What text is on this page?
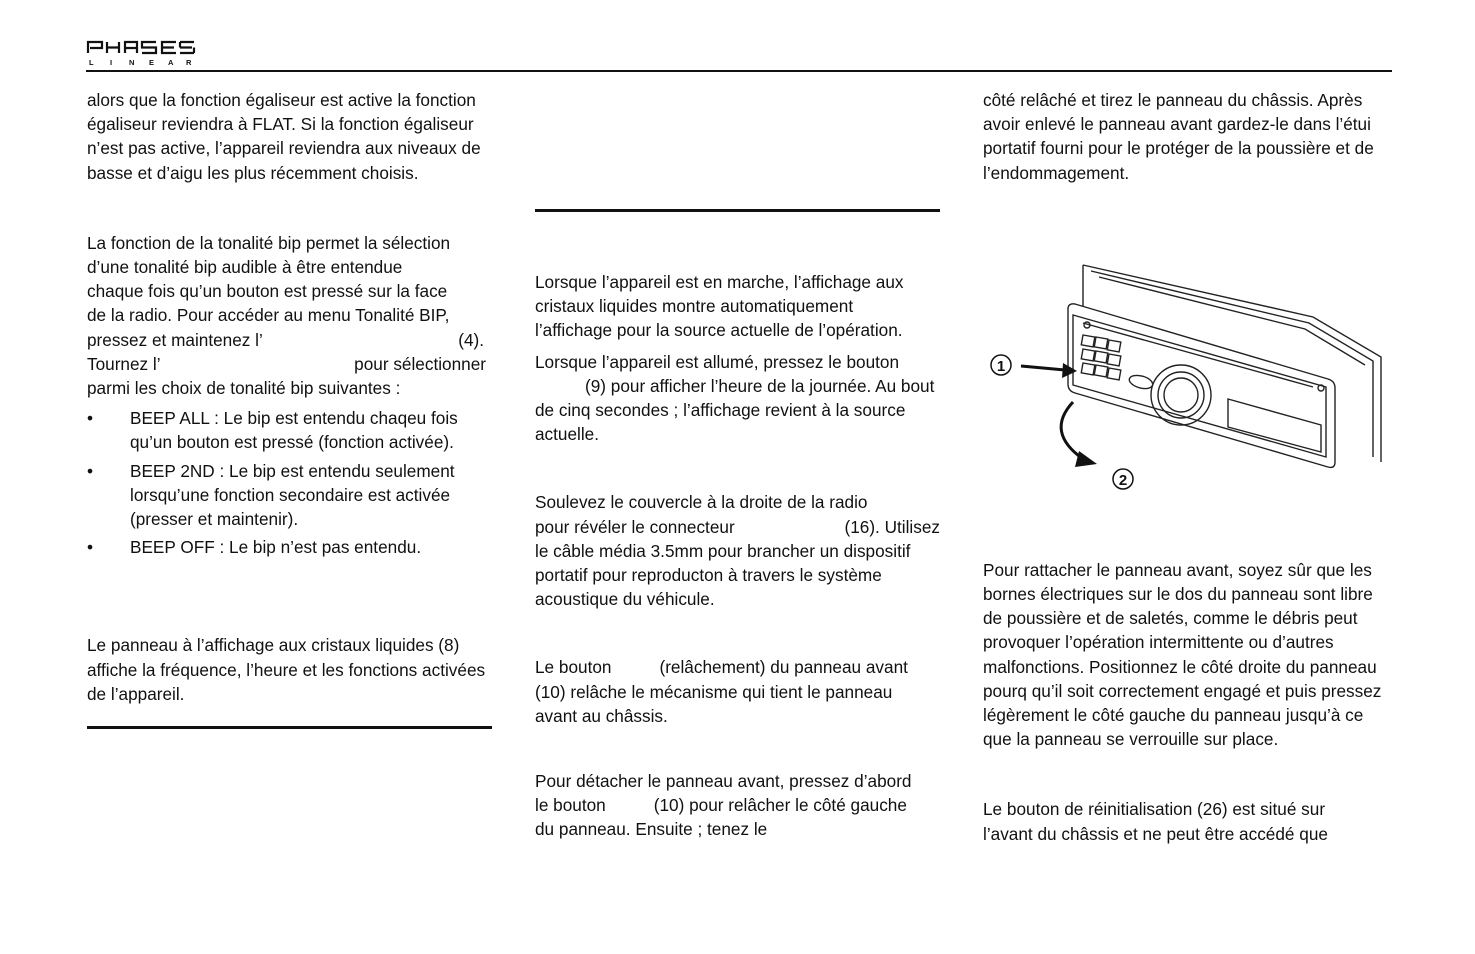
L I N E A R

alors que la fonction égaliseur est active la fonction égaliseur reviendra à FLAT. Si la fonction égaliseur n’est pas active, l’appareil reviendra aux niveaux de basse et d’aigu les plus récemment choisis.

La fonction de la tonalité bip permet la sélection
d’une tonalité bip audible à être entendue
chaque fois qu’un bouton est pressé sur la face
de la radio. Pour accéder au menu Tonalité BIP,
pressez et maintenez l’	(4).
Tournez l’	pour sélectionner
parmi les choix de tonalité bip suivantes :
• BEEP ALL : Le bip est entendu chaqeu fois qu’un bouton est pressé (fonction activée).
• BEEP 2ND : Le bip est entendu seulement lorsqu’une fonction secondaire est activée (presser et maintenir).
• BEEP OFF : Le bip n’est pas entendu.

Le panneau à l’affichage aux cristaux liquides (8) affiche la fréquence, l’heure et les fonctions activées de l’appareil.

Lorsque l’appareil est en marche, l’affichage aux cristaux liquides montre automatiquement l’affichage pour la source actuelle de l’opération.

Lorsque l’appareil est allumé, pressez le bouton
(9) pour afficher l’heure de la journée. Au bout de cinq secondes ; l’affichage revient à la source actuelle.

Soulevez le couvercle à la droite de la radio
pour révéler le connecteur	(16). Utilisez
le câble média 3.5mm pour brancher un dispositif portatif pour reproducton à travers le système acoustique du véhicule.

Le bouton	(relâchement) du panneau avant (10) relâche le mécanisme qui tient le panneau avant au châssis.

Pour détacher le panneau avant, pressez d’abord le bouton	(10) pour relâcher le côté gauche du panneau. Ensuite ; tenez le

côté relâché et tirez le panneau du châssis. Après avoir enlevé le panneau avant gardez-le dans l’étui portatif fourni pour le protéger de la poussière et de l’endommagement.

1
2

Pour rattacher le panneau avant, soyez sûr que les bornes électriques sur le dos du panneau sont libre de poussière et de saletés, comme le débris peut provoquer l’opération intermittente ou d’autres malfonctions. Positionnez le côté droite du panneau pourq qu’il soit correctement engagé et puis pressez légèrement le côté gauche du panneau jusqu’à ce que la panneau se verrouille sur place.

Le bouton de réinitialisation (26) est situé sur l’avant du châssis et ne peut être accédé que
